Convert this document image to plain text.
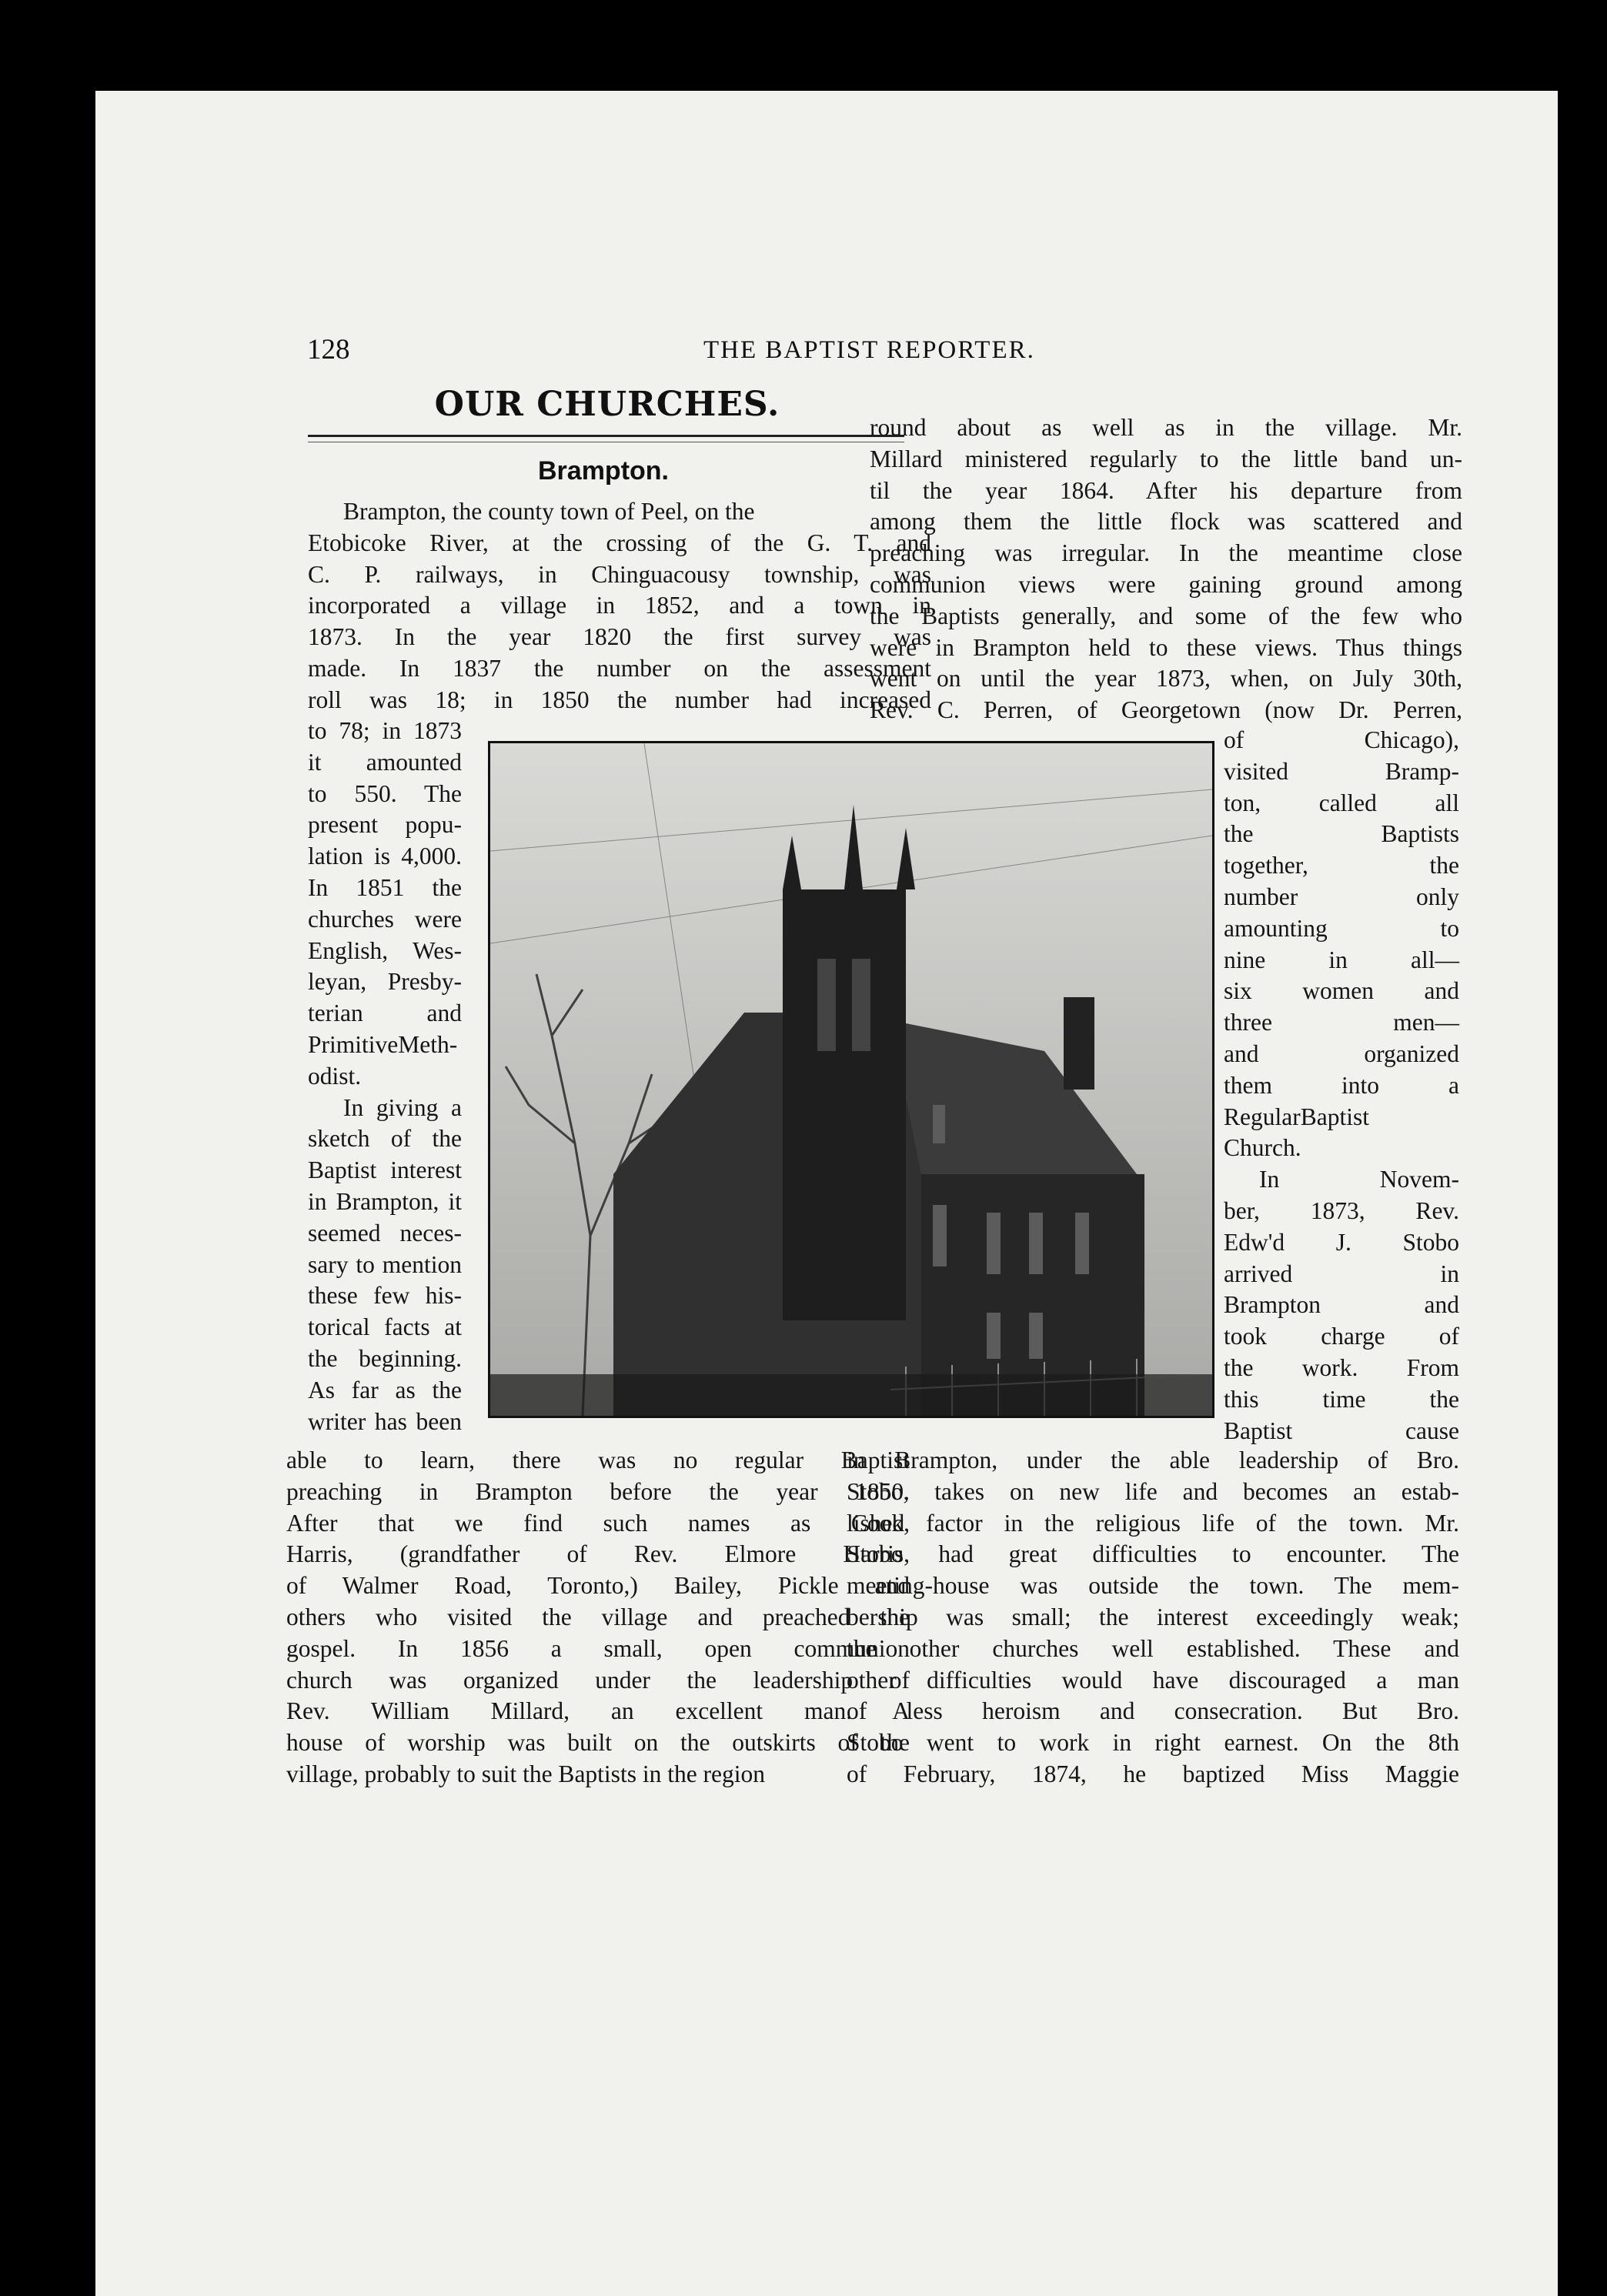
128	THE BAPTIST REPORTER.
OUR CHURCHES.
Brampton.
Brampton, the county town of Peel, on the
Etobicoke River, at the crossing of the G. T. and
C. P. railways, in Chinguacousy township, was
incorporated a village in 1852, and a town in
1873. In the year 1820 the first survey was
made. In 1837 the number on the assessment
roll was 18; in 1850 the number had increased
to 78; in 1873
it amounted
to 550. The
present popu-
lation is 4,000.
In 1851 the
churches were
English, Wes-
leyan, Presby-
terian and
PrimitiveMeth-
odist.
In giving a
sketch of the
Baptist interest
in Brampton, it
seemed neces-
sary to mention
these few his-
torical facts at
the beginning.
As far as the
writer has been
able to learn, there was no regular Baptist
preaching in Brampton before the year 1850.
After that we find such names as Cook,
Harris, (grandfather of Rev. Elmore Harris,
of Walmer Road, Toronto,) Bailey, Pickle and
others who visited the village and preached the
gospel. In 1856 a small, open communion
church was organized under the leadership of
Rev. William Millard, an excellent man. A
house of worship was built on the outskirts of the
village, probably to suit the Baptists in the region
round about as well as in the village. Mr.
Millard ministered regularly to the little band un-
til the year 1864. After his departure from
among them the little flock was scattered and
preaching was irregular. In the meantime close
communion views were gaining ground among
the Baptists generally, and some of the few who
were in Brampton held to these views. Thus things
went on until the year 1873, when, on July 30th,
Rev. C. Perren, of Georgetown (now Dr. Perren,
of Chicago),
visited Bramp-
ton, called all
the Baptists
together, the
number only
amounting to
nine in all—
six women and
three men—
and organized
them into a
RegularBaptist
Church.
In Novem-
ber, 1873, Rev.
Edw'd J. Stobo
arrived in
Brampton and
took charge of
the work. From
this time the
Baptist cause
in Brampton, under the able leadership of Bro.
Stobo, takes on new life and becomes an estab-
lished factor in the religious life of the town. Mr.
Stobo had great difficulties to encounter. The
meeting-house was outside the town. The mem-
bership was small; the interest exceedingly weak;
the other churches well established. These and
other difficulties would have discouraged a man
of less heroism and consecration. But Bro.
Stobo went to work in right earnest. On the 8th
of February, 1874, he baptized Miss Maggie
